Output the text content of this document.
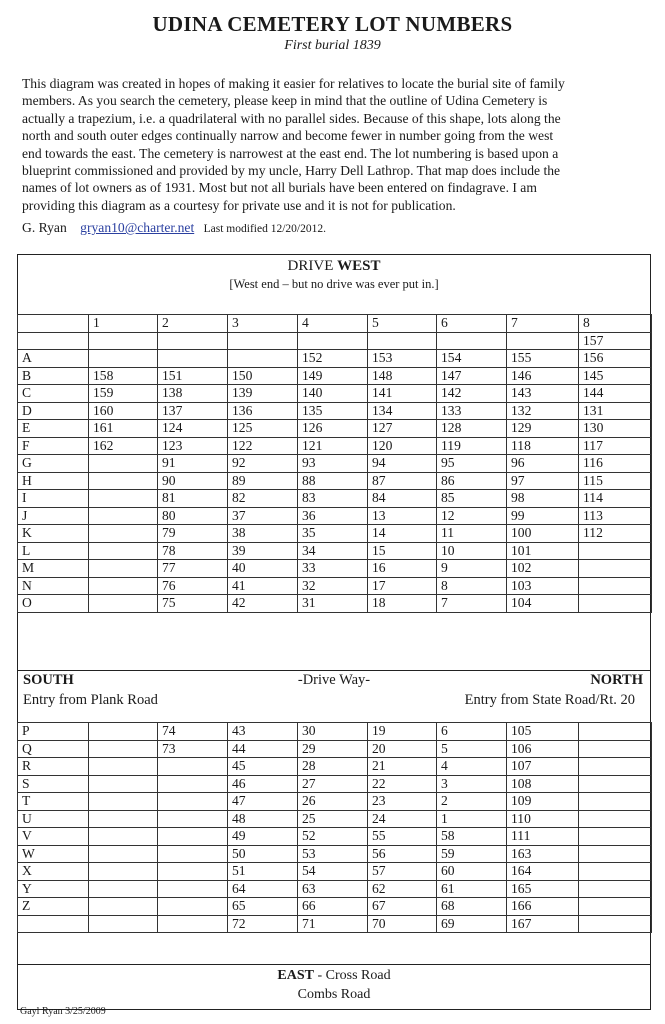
UDINA CEMETERY LOT NUMBERS
First burial 1839
This diagram was created in hopes of making it easier for relatives to locate the burial site of family
members. As you search the cemetery, please keep in mind that the outline of Udina Cemetery is
actually a trapezium, i.e. a quadrilateral with no parallel sides. Because of this shape, lots along the
north and south outer edges continually narrow and become fewer in number going from the west
end towards the east. The cemetery is narrowest at the east end. The lot numbering is based upon a
blueprint commissioned and provided by my uncle, Harry Dell Lathrop. That map does include the
names of lot owners as of 1931. Most but not all burials have been entered on findagrave. I am
providing this diagram as a courtesy for private use and it is not for publication.
G. Ryan gryan10@charter.net Last modified 12/20/2012.
DRIVE WEST
[West end – but no drive was ever put in.]
	1	2	3	4	5	6	7	8
								157
A				152	153	154	155	156
B	158	151	150	149	148	147	146	145
C	159	138	139	140	141	142	143	144
D	160	137	136	135	134	133	132	131
E	161	124	125	126	127	128	129	130
F	162	123	122	121	120	119	118	117
G		91	92	93	94	95	96	116
H		90	89	88	87	86	97	115
I		81	82	83	84	85	98	114
J		80	37	36	13	12	99	113
K		79	38	35	14	11	100	112
L		78	39	34	15	10	101	
M		77	40	33	16	9	102	
N		76	41	32	17	8	103	
O		75	42	31	18	7	104	
SOUTH
Entry from Plank Road
-Drive Way-	NORTH
Entry from State Road/Rt. 20
P		74	43	30	19	6	105	
Q		73	44	29	20	5	106	
R			45	28	21	4	107	
S			46	27	22	3	108	
T			47	26	23	2	109	
U			48	25	24	1	110	
V			49	52	55	58	111	
W			50	53	56	59	163	
X			51	54	57	60	164	
Y			64	63	62	61	165	
Z			65	66	67	68	166	
			72	71	70	69	167	
EAST - Cross Road
Combs Road
Gayl Ryan 3/25/2009
